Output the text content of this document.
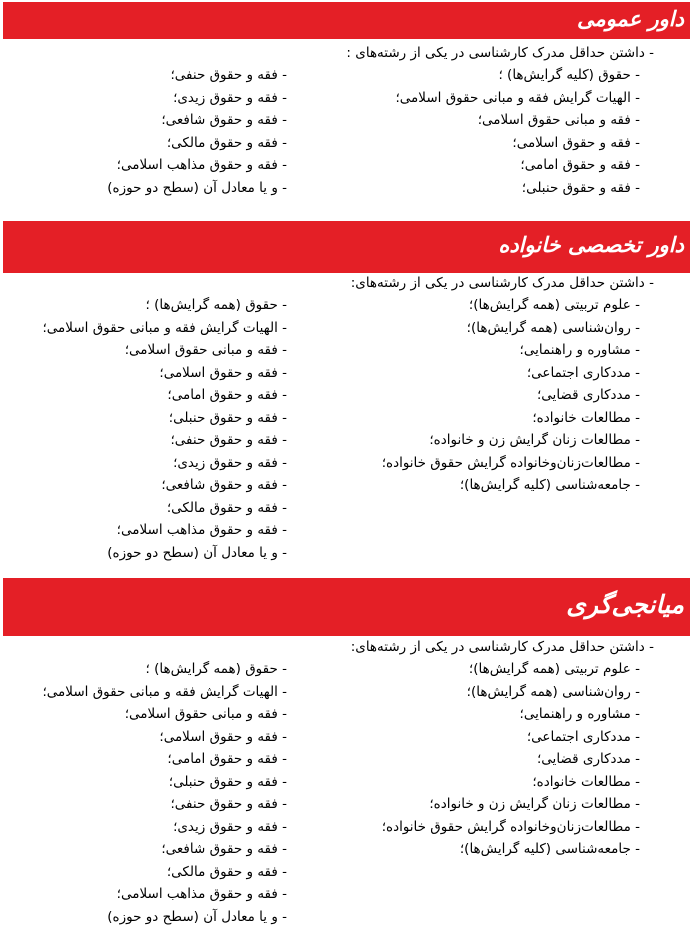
داور عمومی
- داشتن حداقل مدرک کارشناسی در یکی از رشته‌های :
- حقوق (کلیه گرایش‌ها) ؛
- الهیات گرایش فقه و مبانی حقوق اسلامی؛
- فقه و مبانی حقوق اسلامی؛
- فقه و حقوق اسلامی؛
- فقه و حقوق امامی؛
- فقه و حقوق حنبلی؛
- فقه و حقوق حنفی؛
- فقه و حقوق زیدی؛
- فقه و حقوق شافعی؛
- فقه و حقوق مالکی؛
- فقه و حقوق مذاهب اسلامی؛
- و یا معادل آن (سطح دو حوزه)
داور تخصصی خانواده
- داشتن حداقل مدرک کارشناسی در یکی از رشته‌های:
- علوم تربیتی (همه گرایش‌ها)؛
- روان‌شناسی (همه گرایش‌ها)؛
- مشاوره و راهنمایی؛
- مددکاری اجتماعی؛
- مددکاری قضایی؛
- مطالعات خانواده؛
- مطالعات زنان گرایش زن و خانواده؛
- مطالعات‌زنان‌وخانواده گرایش حقوق خانواده؛
- جامعه‌شناسی (کلیه گرایش‌ها)؛
- حقوق (همه گرایش‌ها) ؛
- الهیات گرایش فقه و مبانی حقوق اسلامی؛
- فقه و مبانی حقوق اسلامی؛
- فقه و حقوق اسلامی؛
- فقه و حقوق امامی؛
- فقه و حقوق حنبلی؛
- فقه و حقوق حنفی؛
- فقه و حقوق زیدی؛
- فقه و حقوق شافعی؛
- فقه و حقوق مالکی؛
- فقه و حقوق مذاهب اسلامی؛
- و یا معادل آن (سطح دو حوزه)
میانجی‌گری
- داشتن حداقل مدرک کارشناسی در یکی از رشته‌های:
- علوم تربیتی (همه گرایش‌ها)؛
- روان‌شناسی (همه گرایش‌ها)؛
- مشاوره و راهنمایی؛
- مددکاری اجتماعی؛
- مددکاری قضایی؛
- مطالعات خانواده؛
- مطالعات زنان گرایش زن و خانواده؛
- مطالعات‌زنان‌وخانواده گرایش حقوق خانواده؛
- جامعه‌شناسی (کلیه گرایش‌ها)؛
- حقوق (همه گرایش‌ها) ؛
- الهیات گرایش فقه و مبانی حقوق اسلامی؛
- فقه و مبانی حقوق اسلامی؛
- فقه و حقوق اسلامی؛
- فقه و حقوق امامی؛
- فقه و حقوق حنبلی؛
- فقه و حقوق حنفی؛
- فقه و حقوق زیدی؛
- فقه و حقوق شافعی؛
- فقه و حقوق مالکی؛
- فقه و حقوق مذاهب اسلامی؛
- و یا معادل آن (سطح دو حوزه)
